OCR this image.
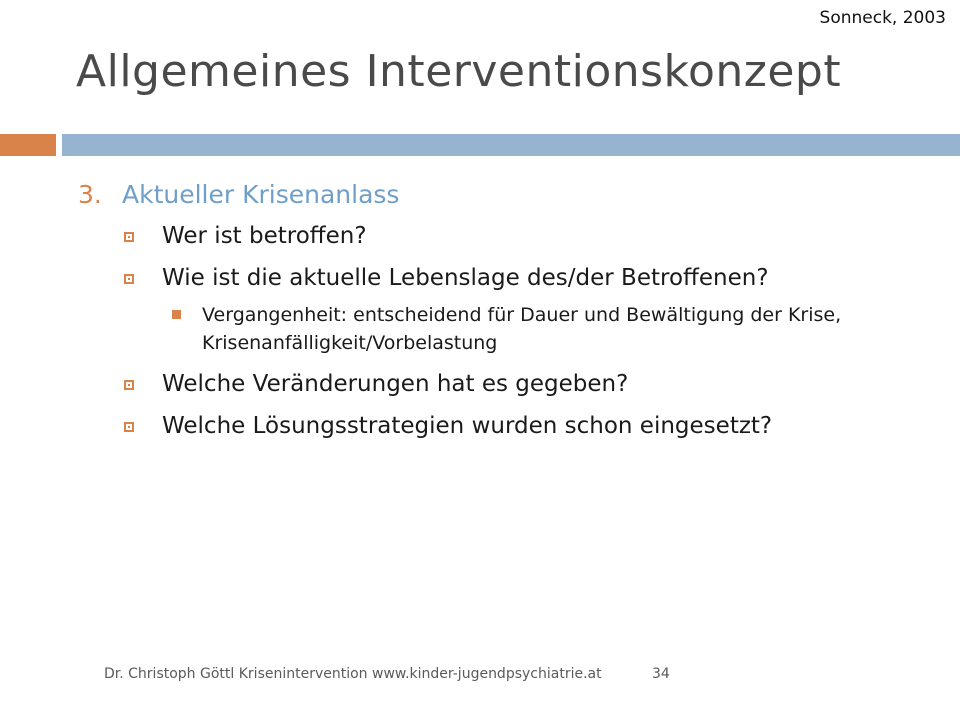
Sonneck, 2003
Allgemeines Interventionskonzept
3. Aktueller Krisenanlass
Wer ist betroffen?
Wie ist die aktuelle Lebenslage des/der Betroffenen?
Vergangenheit: entscheidend für Dauer und Bewältigung der Krise, Krisenanfälligkeit/Vorbelastung
Welche Veränderungen hat es gegeben?
Welche Lösungsstrategien wurden schon eingesetzt?
Dr. Christoph Göttl Krisenintervention www.kinder-jugendpsychiatrie.at	34
